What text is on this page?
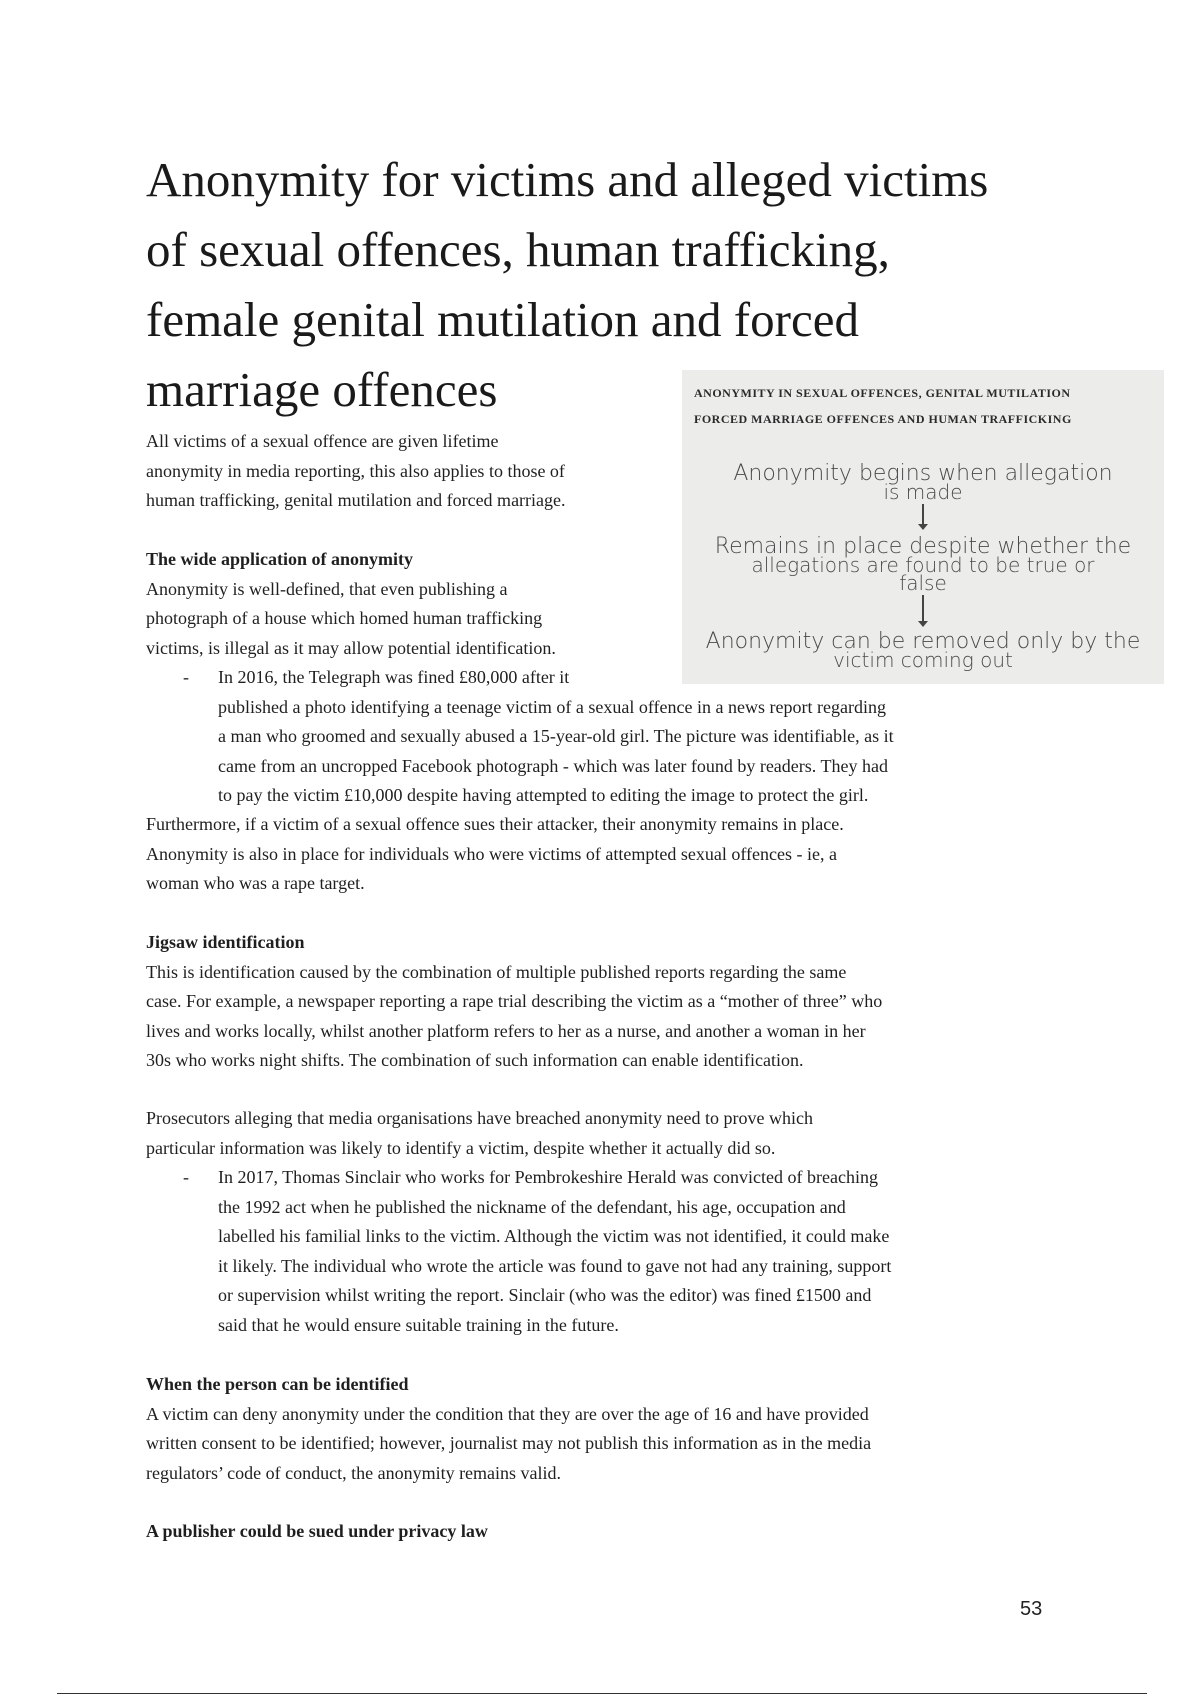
Anonymity for victims and alleged victims
of sexual offences, human trafficking,
female genital mutilation and forced
marriage offences	ANONYMITY IN SEXUAL OFFENCES, GENITAL MUTILATION
FORCED MARRIAGE OFFENCES AND HUMAN TRAFFICKING
Anonymity begins when allegation
is made
Remains in place despite whether the
allegations are found to be true or
false
Anonymity can be removed only by the
victim coming out

All victims of a sexual offence are given lifetime

anonymity in media reporting, this also applies to those of

human trafficking, genital mutilation and forced marriage.

The wide application of anonymity

Anonymity is well-defined, that even publishing a

photograph of a house which homed human trafficking

victims, is illegal as it may allow potential identification.

- In 2016, the Telegraph was fined £80,000 after it

published a photo identifying a teenage victim of a sexual offence in a news report regarding

a man who groomed and sexually abused a 15-year-old girl. The picture was identifiable, as it

came from an uncropped Facebook photograph - which was later found by readers. They had

to pay the victim £10,000 despite having attempted to editing the image to protect the girl.

Furthermore, if a victim of a sexual offence sues their attacker, their anonymity remains in place.

Anonymity is also in place for individuals who were victims of attempted sexual offences - ie, a

woman who was a rape target.

Jigsaw identification

This is identification caused by the combination of multiple published reports regarding the same

case. For example, a newspaper reporting a rape trial describing the victim as a “mother of three” who

lives and works locally, whilst another platform refers to her as a nurse, and another a woman in her

30s who works night shifts. The combination of such information can enable identification.

Prosecutors alleging that media organisations have breached anonymity need to prove which

particular information was likely to identify a victim, despite whether it actually did so.

- In 2017, Thomas Sinclair who works for Pembrokeshire Herald was convicted of breaching

the 1992 act when he published the nickname of the defendant, his age, occupation and

labelled his familial links to the victim. Although the victim was not identified, it could make

it likely. The individual who wrote the article was found to gave not had any training, support

or supervision whilst writing the report. Sinclair (who was the editor) was fined £1500 and

said that he would ensure suitable training in the future.

When the person can be identified

A victim can deny anonymity under the condition that they are over the age of 16 and have provided

written consent to be identified; however, journalist may not publish this information as in the media

regulators’ code of conduct, the anonymity remains valid.

A publisher could be sued under privacy law

53
